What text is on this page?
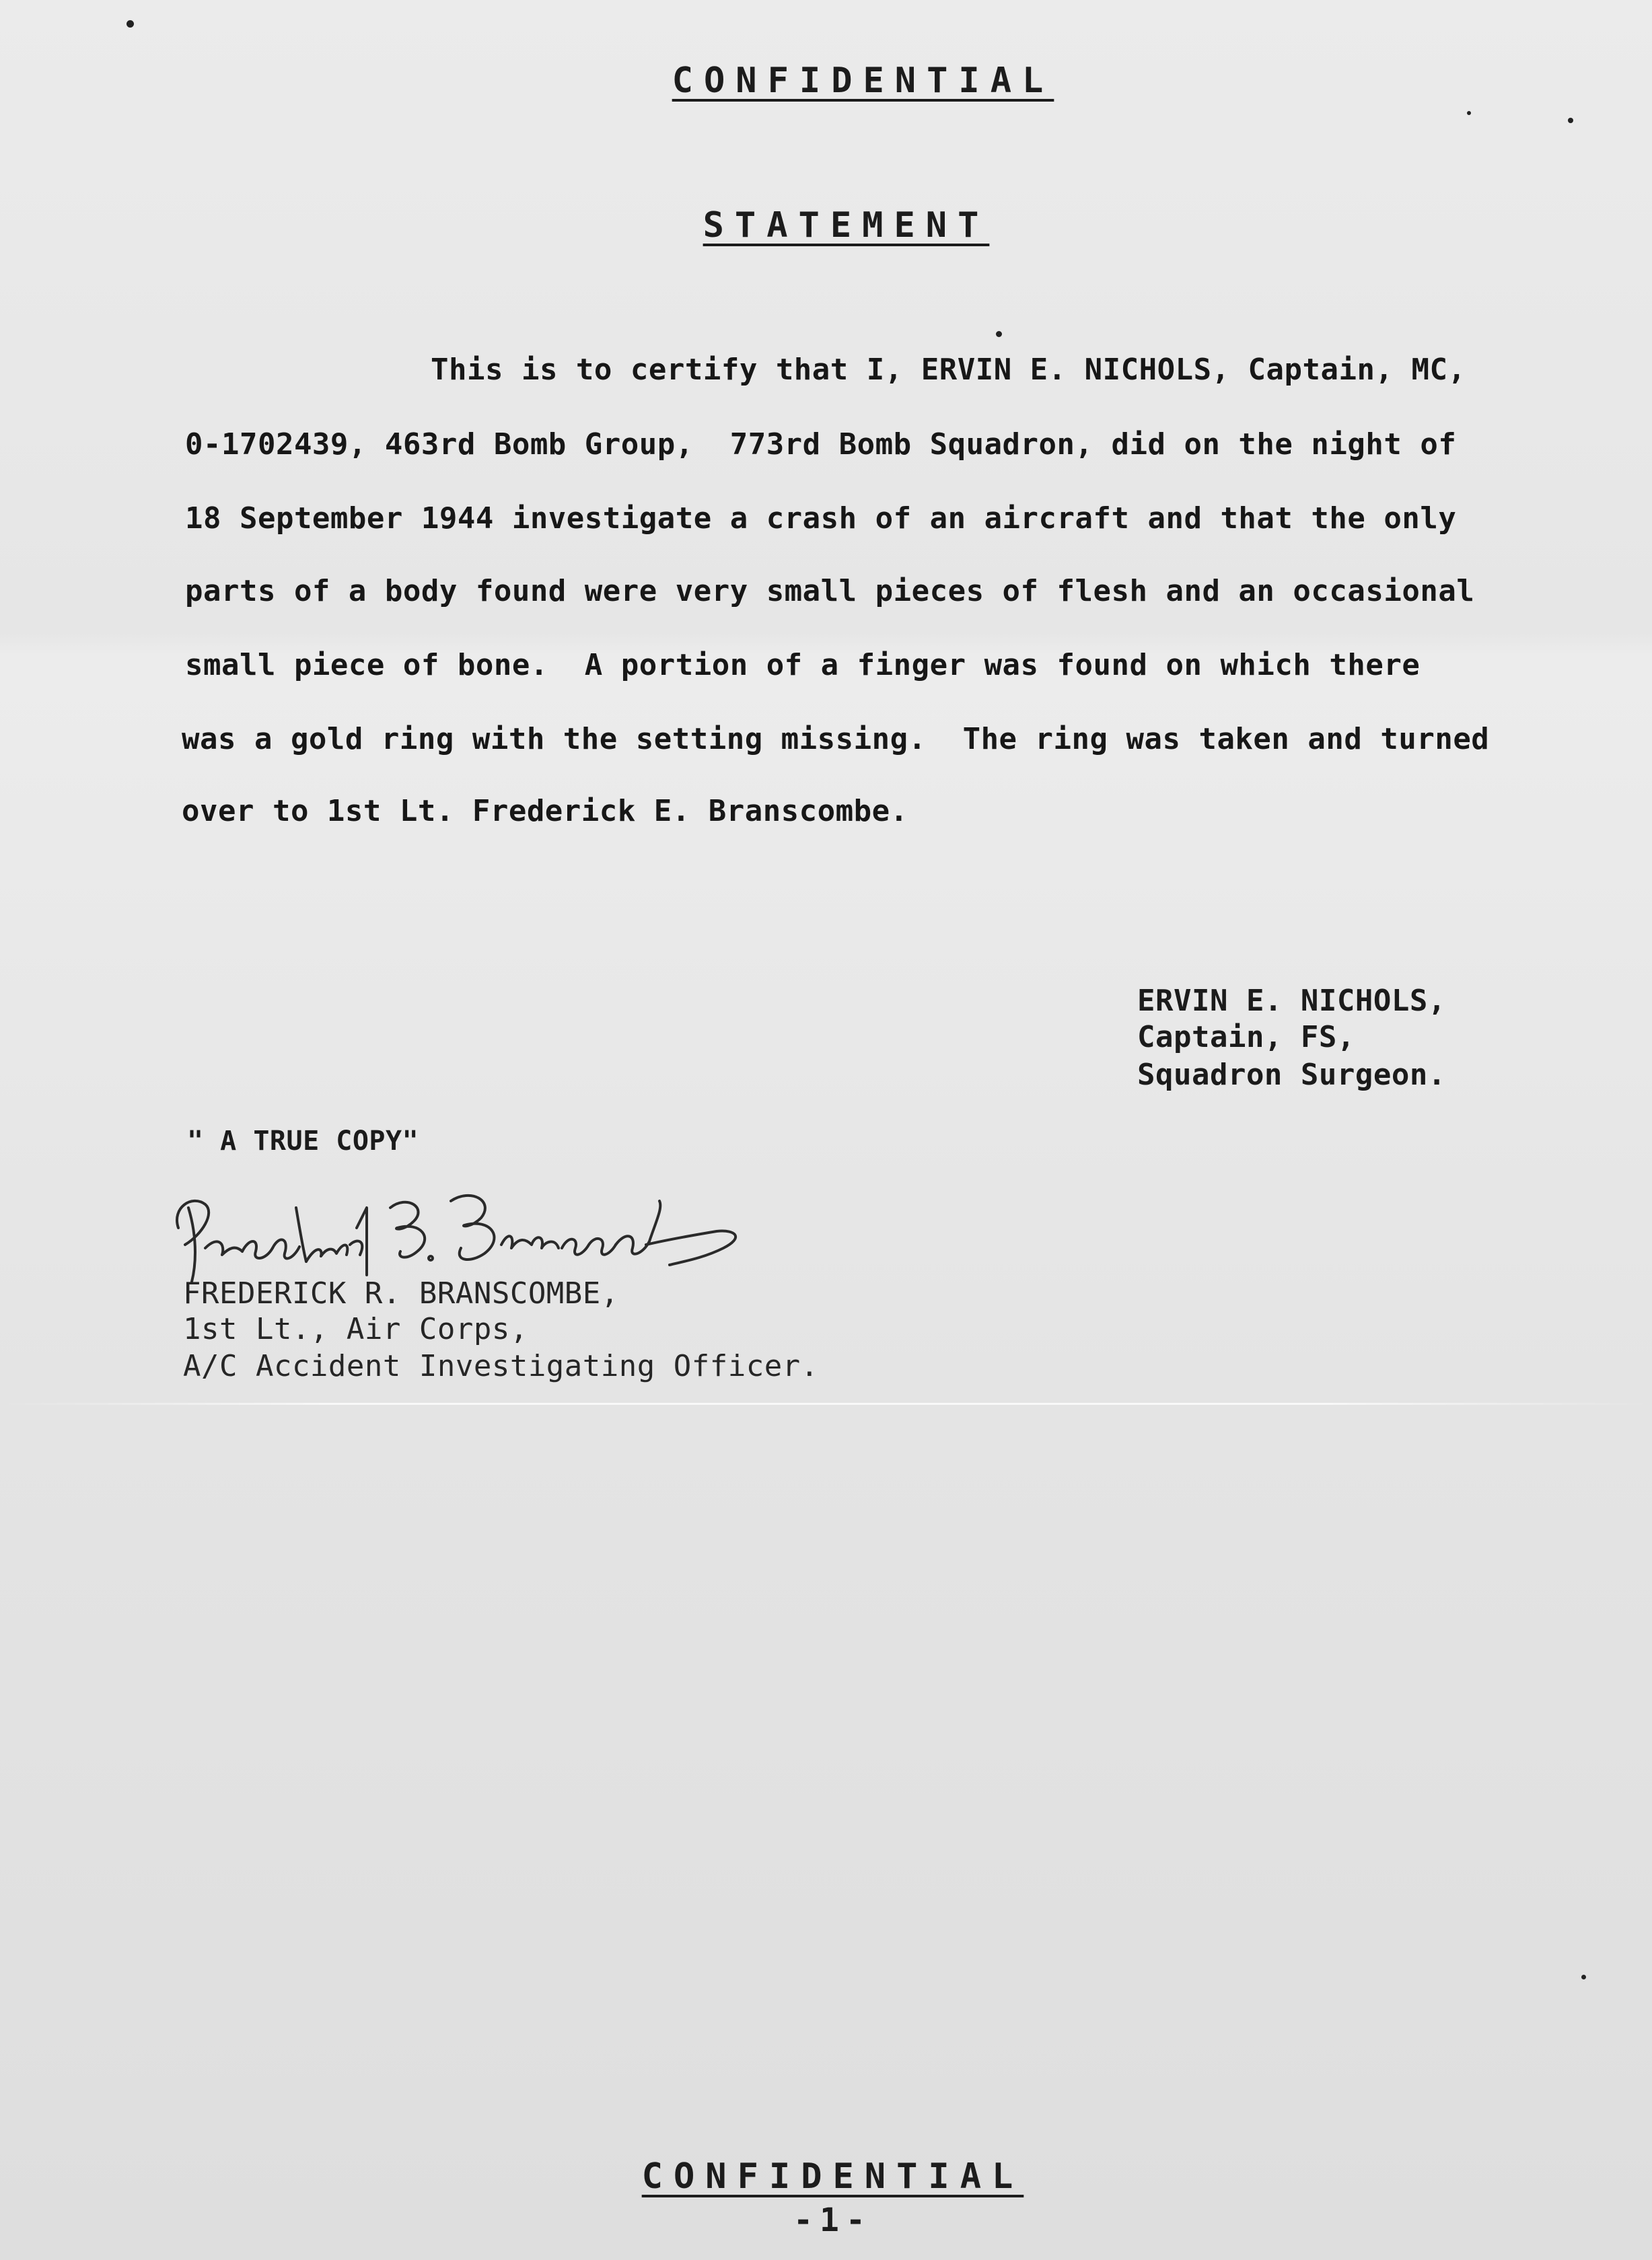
CONFIDENTIAL
STATEMENT
This is to certify that I, ERVIN E. NICHOLS, Captain, MC,
0-1702439, 463rd Bomb Group,  773rd Bomb Squadron, did on the night of
18 September 1944 investigate a crash of an aircraft and that the only
parts of a body found were very small pieces of flesh and an occasional
small piece of bone.  A portion of a finger was found on which there
was a gold ring with the setting missing.  The ring was taken and turned
over to 1st Lt. Frederick E. Branscombe.
ERVIN E. NICHOLS,
Captain, FS,
Squadron Surgeon.
" A TRUE COPY"
FREDERICK R. BRANSCOMBE,
1st Lt., Air Corps,
A/C Accident Investigating Officer.
CONFIDENTIAL
-1-
